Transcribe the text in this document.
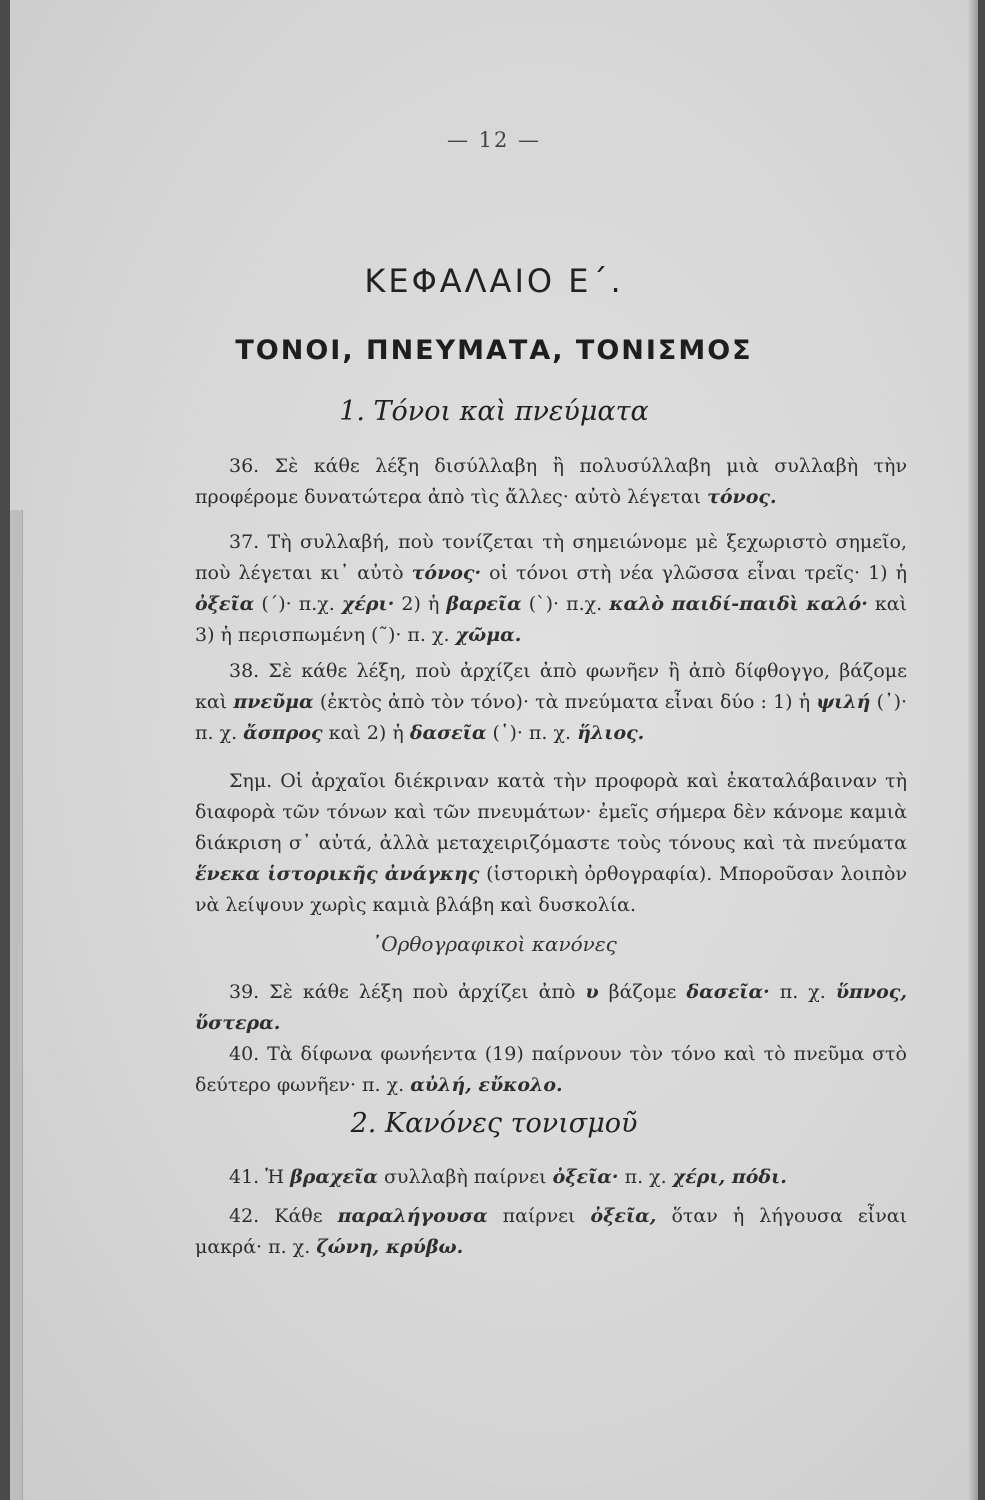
— 12 —
ΚΕΦΑΛΑΙΟ Ε΄.
ΤΟΝΟΙ, ΠΝΕΥΜΑΤΑ, ΤΟΝΙΣΜΟΣ
1. Τόνοι καὶ πνεύματα
36. Σὲ κάθε λέξη δισύλλαβη ἢ πολυσύλλαβη μιὰ συλλαβὴ τὴν προφέρομε δυνατώτερα ἀπὸ τὶς ἄλλες· αὐτὸ λέγεται τόνος.
37. Τὴ συλλαβή, ποὺ τονίζεται τὴ σημειώνομε μὲ ξεχωριστὸ σημεῖο, ποὺ λέγεται κι᾽ αὐτὸ τόνος· οἱ τόνοι στὴ νέα γλῶσσα εἶναι τρεῖς· 1) ἡ ὀξεῖα (΄)· π.χ. χέρι· 2) ἡ βαρεῖα (`)· π.χ. καλὸ παιδί-παιδὶ καλό· καὶ 3) ἡ περισπωμένη (῀)· π. χ. χῶμα.
38. Σὲ κάθε λέξη, ποὺ ἀρχίζει ἀπὸ φωνῆεν ἢ ἀπὸ δίφθογγο, βάζομε καὶ πνεῦμα (ἐκτὸς ἀπὸ τὸν τόνο)· τὰ πνεύματα εἶναι δύο : 1) ἡ ψιλή (᾿)· π. χ. ἄσπρος καὶ 2) ἡ δασεῖα (῾)· π. χ. ἥλιος.
Σημ. Οἱ ἀρχαῖοι διέκριναν κατὰ τὴν προφορὰ καὶ ἐκαταλάβαιναν τὴ διαφορὰ τῶν τόνων καὶ τῶν πνευμάτων· ἐμεῖς σήμερα δὲν κάνομε καμιὰ διάκριση σ᾽ αὐτά, ἀλλὰ μεταχειριζόμαστε τοὺς τόνους καὶ τὰ πνεύματα ἕνεκα ἱστορικῆς ἀνάγκης (ἱστορικὴ ὀρθογραφία). Μποροῦσαν λοιπὸν νὰ λείψουν χωρὶς καμιὰ βλάβη καὶ δυσκολία.
᾽Ορθογραφικοὶ κανόνες
39. Σὲ κάθε λέξη ποὺ ἀρχίζει ἀπὸ υ βάζομε δασεῖα· π. χ. ὕπνος, ὕστερα.
40. Τὰ δίφωνα φωνήεντα (19) παίρνουν τὸν τόνο καὶ τὸ πνεῦμα στὸ δεύτερο φωνῆεν· π. χ. αὐλή, εὔκολο.
2. Κανόνες τονισμοῦ
41. Ἡ βραχεῖα συλλαβὴ παίρνει ὀξεῖα· π. χ. χέρι, πόδι.
42. Κάθε παραλήγουσα παίρνει ὀξεῖα, ὅταν ἡ λήγουσα εἶναι μακρά· π. χ. ζώνη, κρύβω.
